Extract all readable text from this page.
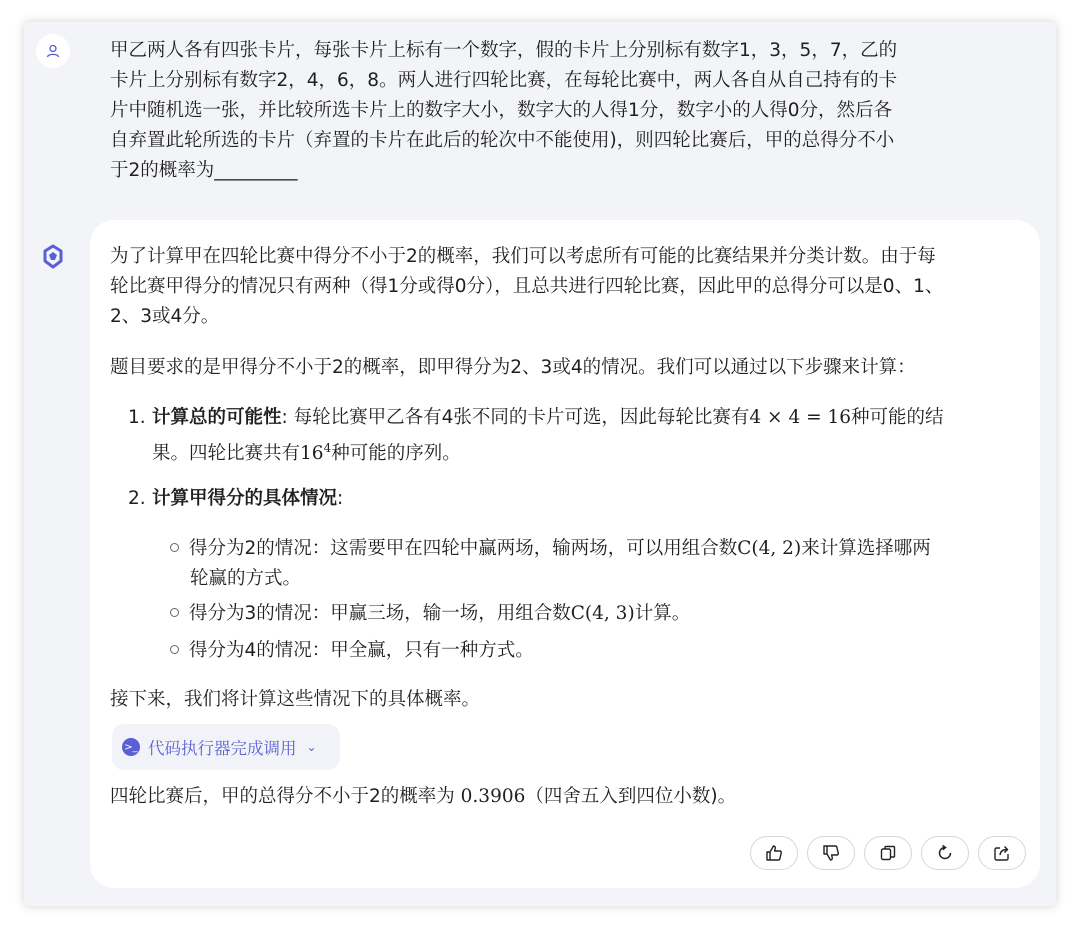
甲乙两人各有四张卡片，每张卡片上标有一个数字，假的卡片上分别标有数字1，3，5，7，乙的
卡片上分别标有数字2，4，6，8。两人进行四轮比赛，在每轮比赛中，两人各自从自己持有的卡
片中随机选一张，并比较所选卡片上的数字大小，数字大的人得1分，数字小的人得0分，然后各
自弃置此轮所选的卡片（弃置的卡片在此后的轮次中不能使用)，则四轮比赛后，甲的总得分不小
于2的概率为_________
为了计算甲在四轮比赛中得分不小于2的概率，我们可以考虑所有可能的比赛结果并分类计数。由于每
轮比赛甲得分的情况只有两种（得1分或得0分），且总共进行四轮比赛，因此甲的总得分可以是0、1、
2、3或4分。
题目要求的是甲得分不小于2的概率，即甲得分为2、3或4的情况。我们可以通过以下步骤来计算：
1. 计算总的可能性: 每轮比赛甲乙各有4张不同的卡片可选，因此每轮比赛有4 × 4 = 16种可能的结
果。四轮比赛共有$16^4$种可能的序列。
2. 计算甲得分的具体情况:
得分为2的情况：这需要甲在四轮中赢两场，输两场，可以用组合数C(4, 2)来计算选择哪两
轮赢的方式。
得分为3的情况：甲赢三场，输一场，用组合数C(4, 3)计算。
得分为4的情况：甲全赢，只有一种方式。
接下来，我们将计算这些情况下的具体概率。
>_ 代码执行器完成调用 ⌄
四轮比赛后，甲的总得分不小于2的概率为 0.3906（四舍五入到四位小数)。
